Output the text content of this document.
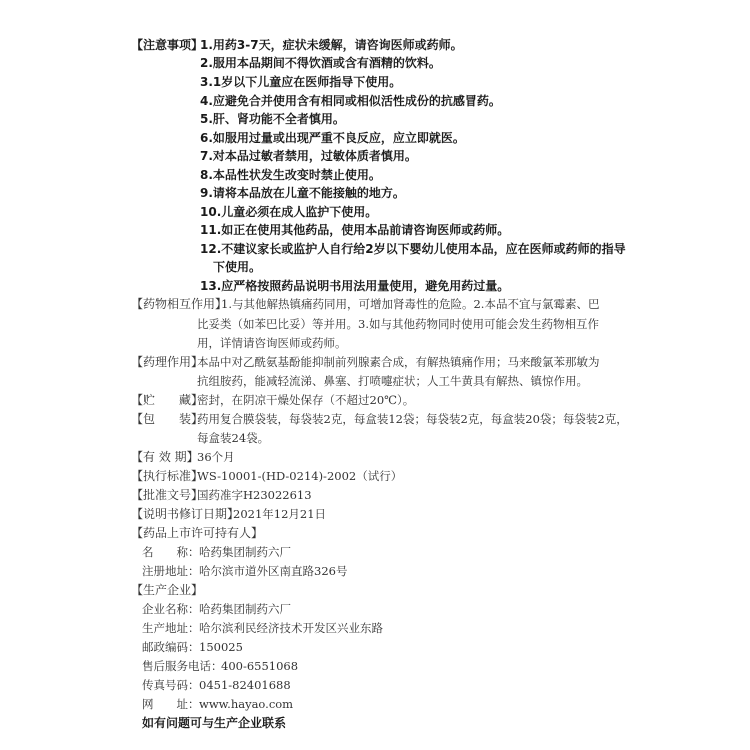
【注意事项】
1.用药3-7天，症状未缓解，请咨询医师或药师。
2.服用本品期间不得饮酒或含有酒精的饮料。
3.1岁以下儿童应在医师指导下使用。
4.应避免合并使用含有相同或相似活性成份的抗感冒药。
5.肝、肾功能不全者慎用。
6.如服用过量或出现严重不良反应，应立即就医。
7.对本品过敏者禁用，过敏体质者慎用。
8.本品性状发生改变时禁止使用。
9.请将本品放在儿童不能接触的地方。
10.儿童必须在成人监护下使用。
11.如正在使用其他药品，使用本品前请咨询医师或药师。
12.不建议家长或监护人自行给2岁以下婴幼儿使用本品，应在医师或药师的指导
下使用。
13.应严格按照药品说明书用法用量使用，避免用药过量。
【药物相互作用】
1.与其他解热镇痛药同用，可增加肾毒性的危险。2.本品不宜与氯霉素、巴
比妥类（如苯巴比妥）等并用。3.如与其他药物同时使用可能会发生药物相互作
用，详情请咨询医师或药师。
【药理作用】
本品中对乙酰氨基酚能抑制前列腺素合成，有解热镇痛作用；马来酸氯苯那敏为
抗组胺药，能减轻流涕、鼻塞、打喷嚏症状；人工牛黄具有解热、镇惊作用。
【贮　　藏】
密封，在阴凉干燥处保存（不超过20℃）。
【包　　装】
药用复合膜袋装，每袋装2克，每盒装12袋；每袋装2克，每盒装20袋；每袋装2克，
每盒装24袋。
【有 效 期】
36个月
【执行标准】
WS-10001-(HD-0214)-2002（试行）
【批准文号】
国药准字H23022613
【说明书修订日期】
2021年12月21日
【药品上市许可持有人】
名　　称： 哈药集团制药六厂
注册地址： 哈尔滨市道外区南直路326号
【生产企业】
企业名称： 哈药集团制药六厂
生产地址： 哈尔滨利民经济技术开发区兴业东路
邮政编码： 150025
售后服务电话：
400-6551068
传真号码： 0451-82401688
网　　址： www.hayao.com
如有问题可与生产企业联系
